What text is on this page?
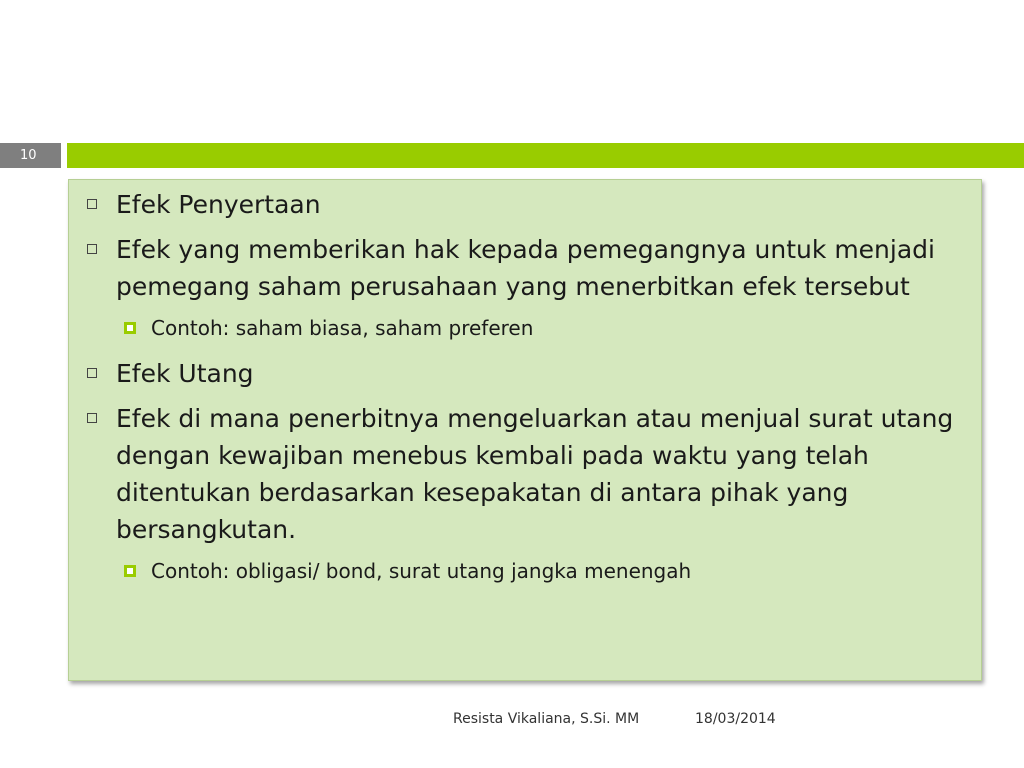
10
Efek Penyertaan
Efek yang memberikan hak kepada pemegangnya untuk menjadi pemegang saham perusahaan yang menerbitkan efek tersebut
Contoh: saham biasa, saham preferen
Efek Utang
Efek di mana penerbitnya mengeluarkan atau menjual surat utang dengan kewajiban menebus kembali pada waktu yang telah ditentukan berdasarkan kesepakatan di antara pihak yang bersangkutan.
Contoh: obligasi/ bond, surat utang jangka menengah
Resista Vikaliana, S.Si. MM	18/03/2014
